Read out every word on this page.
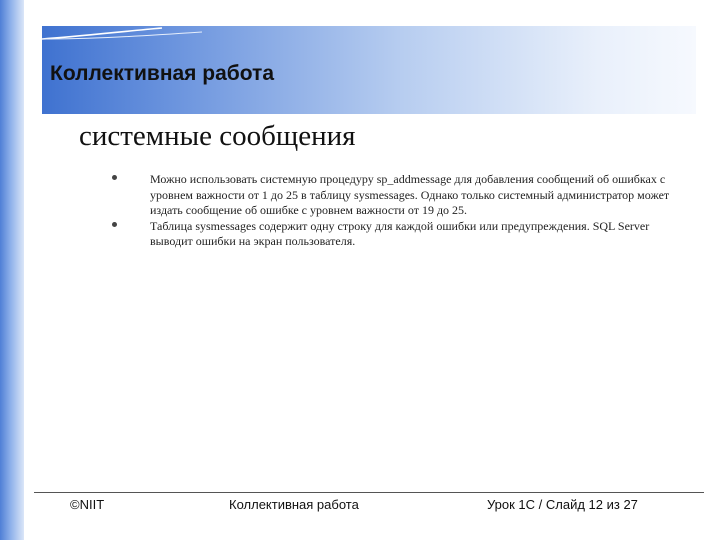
Коллективная работа
системные сообщения
Можно использовать системную процедуру sp_addmessage для добавления сообщений об ошибках с уровнем важности от 1 до 25 в таблицу sysmessages. Однако только системный администратор может издать сообщение об ошибке с уровнем важности от 19 до 25.
Таблица sysmessages содержит одну строку для каждой ошибки или предупреждения. SQL Server выводит ошибки на экран пользователя.
©NIIT	Коллективная работа	Урок 1C / Слайд 12 из 27
